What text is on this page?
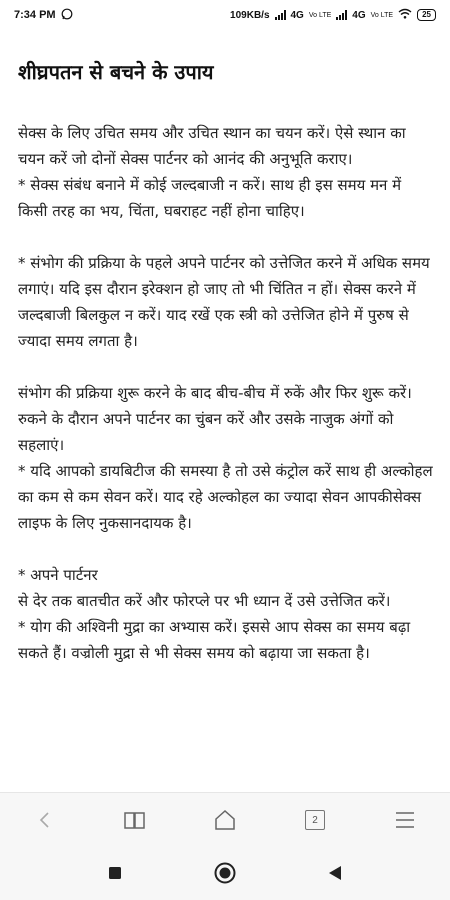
7:34 PM	109KB/s 4G Vo LTE 4G Vo LTE	25
शीघ्रपतन से बचने के उपाय

सेक्स के लिए उचित समय और उचित स्थान का चयन करें। ऐसे स्थान का चयन करें जो दोनों सेक्स पार्टनर को आनंद की अनुभूति कराए।
* सेक्स संबंध बनाने में कोई जल्दबाजी न करें। साथ ही इस समय मन में किसी तरह का भय, चिंता, घबराहट नहीं होना चाहिए।

* संभोग की प्रक्रिया के पहले अपने पार्टनर को उत्तेजित करने में अधिक समय लगाएं। यदि इस दौरान इरेक्शन हो जाए तो भी चिंतित न हों। सेक्स करने में जल्दबाजी बिलकुल न करें। याद रखें एक स्त्री को उत्तेजित होने में पुरुष से ज्यादा समय लगता है।

संभोग की प्रक्रिया शुरू करने के बाद बीच-बीच में रुकें और फिर शुरू करें। रुकने के दौरान अपने पार्टनर का चुंबन करें और उसके नाजुक अंगों को सहलाएं।
* यदि आपको डायबिटीज की समस्या है तो उसे कंट्रोल करें साथ ही अल्कोहल का कम से कम सेवन करें। याद रहे अल्कोहल का ज्यादा सेवन आपकीसेक्स लाइफ के लिए नुकसानदायक है।

* अपने पार्टनर
से देर तक बातचीत करें और फोरप्ले पर भी ध्यान दें उसे उत्तेजित करें।
* योग की अश्विनी मुद्रा का अभ्यास करें। इससे आप सेक्स का समय बढ़ा सकते हैं। वज्रोली मुद्रा से भी सेक्स समय को बढ़ाया जा सकता है।

2
